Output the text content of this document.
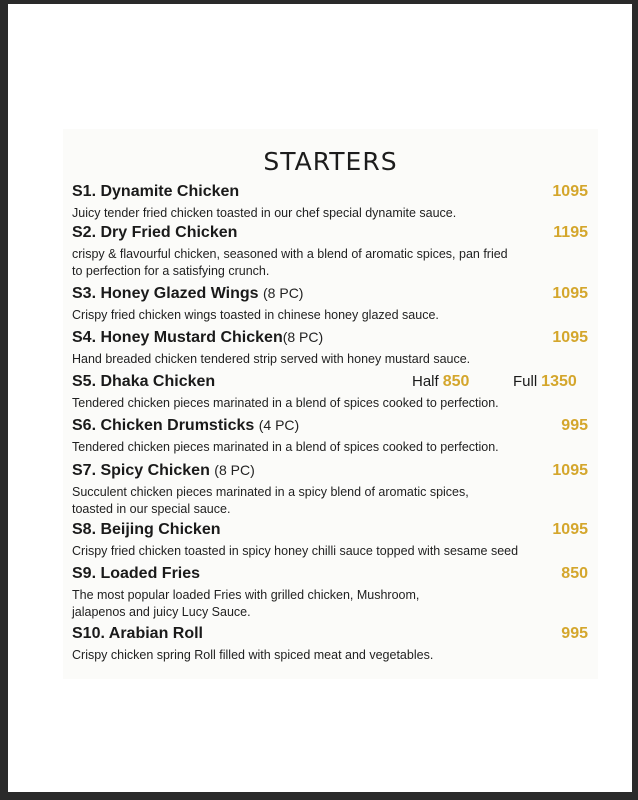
STARTERS
S1. Dynamite Chicken	1095
Juicy tender fried chicken toasted in our chef special dynamite sauce.
S2. Dry Fried Chicken	1195
crispy & flavourful chicken, seasoned with a blend of aromatic spices, pan fried
to perfection for a satisfying crunch.
S3. Honey Glazed Wings (8 PC)	1095
Crispy fried chicken wings toasted in chinese honey glazed sauce.
S4. Honey Mustard Chicken(8 PC)	1095
Hand breaded chicken tendered strip served with honey mustard sauce.
S5. Dhaka Chicken	Half 850	Full 1350
Tendered chicken pieces marinated in a blend of spices cooked to perfection.
S6. Chicken Drumsticks (4 PC)	995
Tendered chicken pieces marinated in a blend of spices cooked to perfection.
S7. Spicy Chicken (8 PC)	1095
Succulent chicken pieces marinated in a spicy blend of aromatic spices,
toasted in our special sauce.
S8. Beijing Chicken	1095
Crispy fried chicken toasted in spicy honey chilli sauce topped with sesame seed
S9. Loaded Fries	850
The most popular loaded Fries with grilled chicken, Mushroom,
jalapenos and juicy Lucy Sauce.
S10. Arabian Roll	995
Crispy chicken spring Roll filled with spiced meat and vegetables.
